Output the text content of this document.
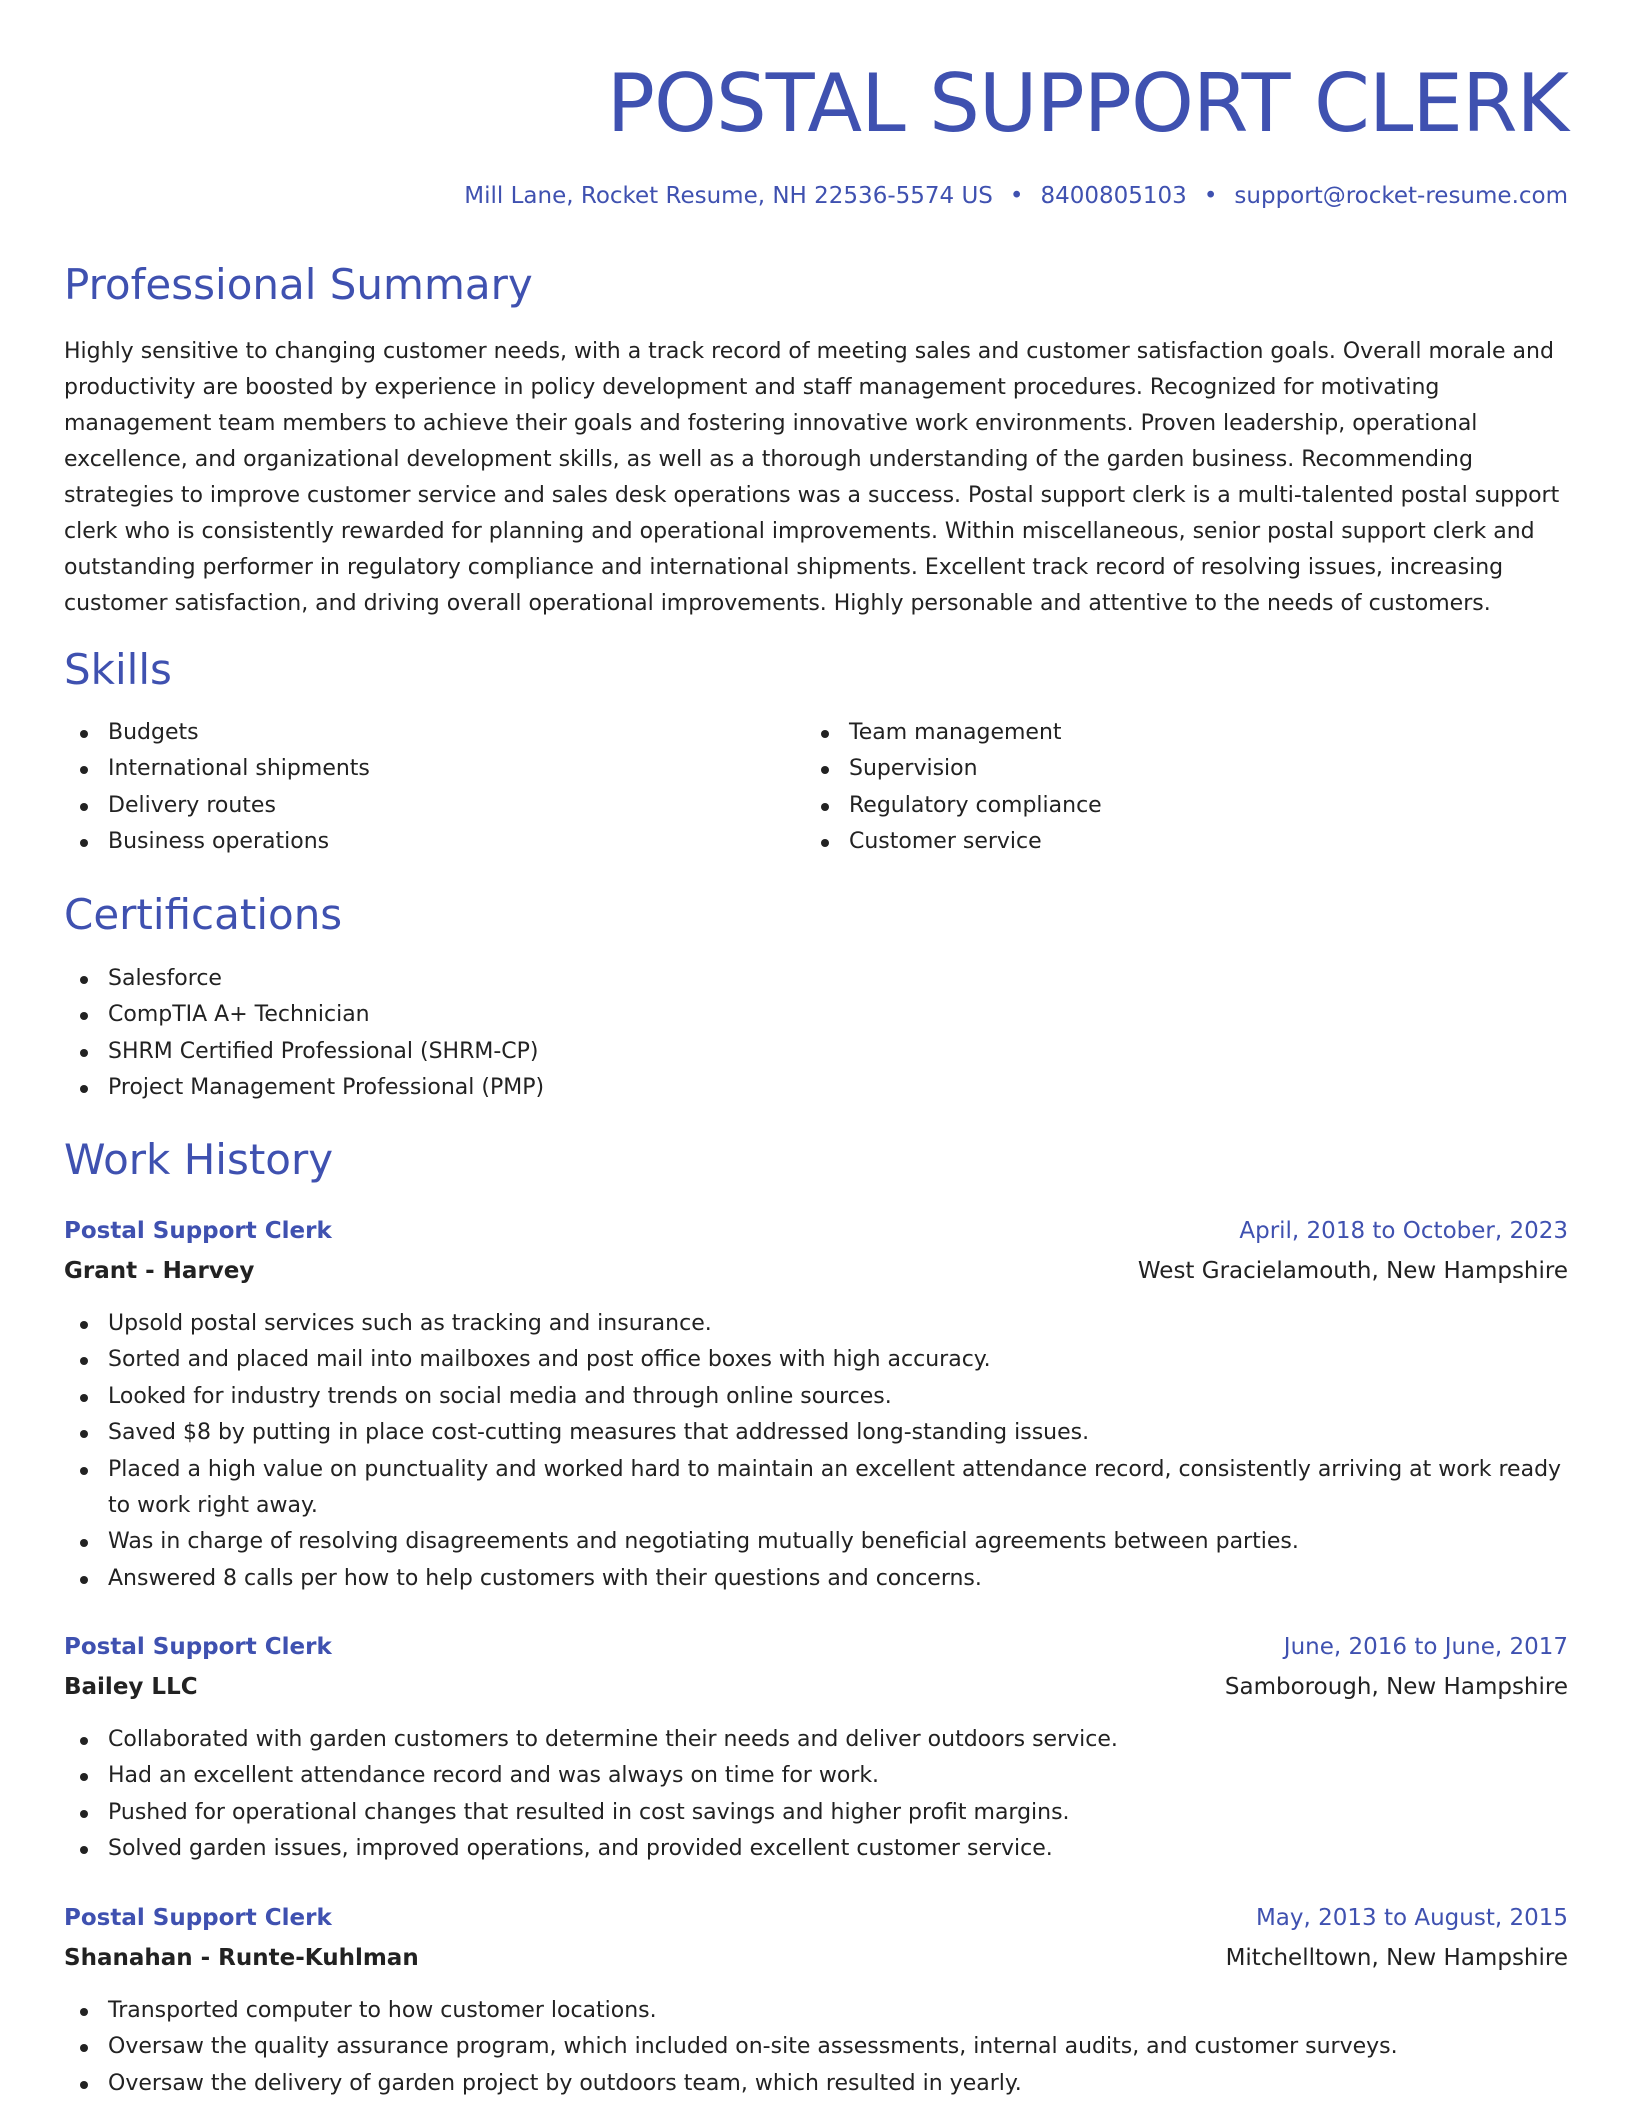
POSTAL SUPPORT CLERK
Mill Lane, Rocket Resume, NH 22536-5574 US • 8400805103 • support@rocket-resume.com
Professional Summary
Highly sensitive to changing customer needs, with a track record of meeting sales and customer satisfaction goals. Overall morale and productivity are boosted by experience in policy development and staff management procedures. Recognized for motivating management team members to achieve their goals and fostering innovative work environments. Proven leadership, operational excellence, and organizational development skills, as well as a thorough understanding of the garden business. Recommending strategies to improve customer service and sales desk operations was a success. Postal support clerk is a multi-talented postal support clerk who is consistently rewarded for planning and operational improvements. Within miscellaneous, senior postal support clerk and outstanding performer in regulatory compliance and international shipments. Excellent track record of resolving issues, increasing customer satisfaction, and driving overall operational improvements. Highly personable and attentive to the needs of customers.
Skills
Budgets
International shipments
Delivery routes
Business operations
Team management
Supervision
Regulatory compliance
Customer service
Certifications
Salesforce
CompTIA A+ Technician
SHRM Certified Professional (SHRM-CP)
Project Management Professional (PMP)
Work History
Postal Support Clerk	April, 2018 to October, 2023
Grant - Harvey	West Gracielamouth, New Hampshire
Upsold postal services such as tracking and insurance.
Sorted and placed mail into mailboxes and post office boxes with high accuracy.
Looked for industry trends on social media and through online sources.
Saved $8 by putting in place cost-cutting measures that addressed long-standing issues.
Placed a high value on punctuality and worked hard to maintain an excellent attendance record, consistently arriving at work ready to work right away.
Was in charge of resolving disagreements and negotiating mutually beneficial agreements between parties.
Answered 8 calls per how to help customers with their questions and concerns.
Postal Support Clerk	June, 2016 to June, 2017
Bailey LLC	Samborough, New Hampshire
Collaborated with garden customers to determine their needs and deliver outdoors service.
Had an excellent attendance record and was always on time for work.
Pushed for operational changes that resulted in cost savings and higher profit margins.
Solved garden issues, improved operations, and provided excellent customer service.
Postal Support Clerk	May, 2013 to August, 2015
Shanahan - Runte-Kuhlman	Mitchelltown, New Hampshire
Transported computer to how customer locations.
Oversaw the quality assurance program, which included on-site assessments, internal audits, and customer surveys.
Oversaw the delivery of garden project by outdoors team, which resulted in yearly.
